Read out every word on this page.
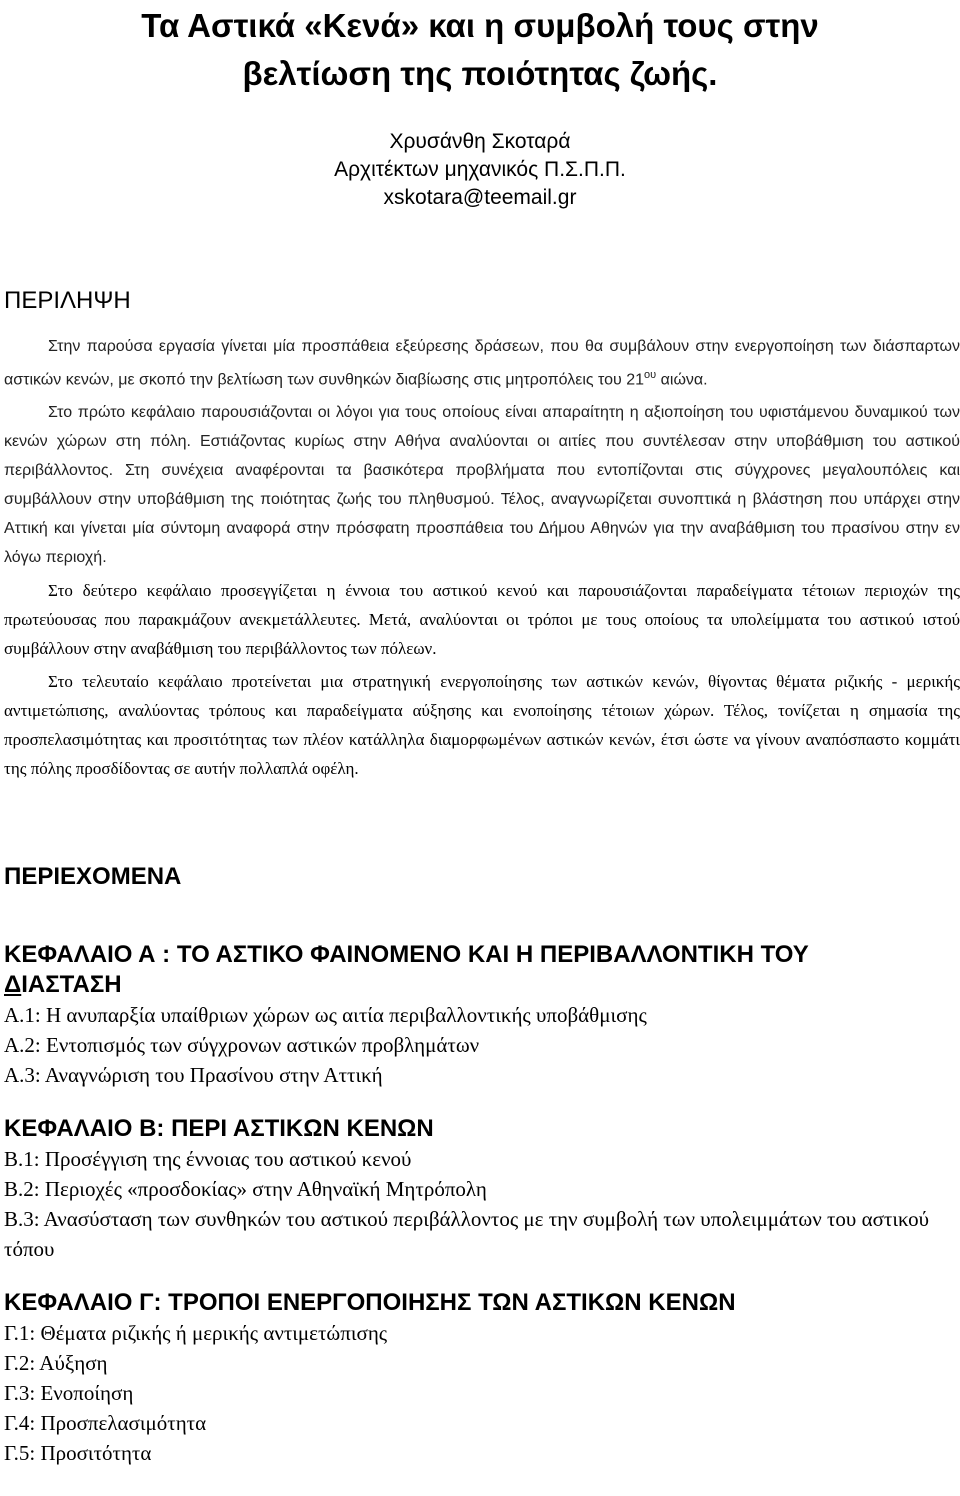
Τα Αστικά «Κενά» και η συμβολή τους στην
βελτίωση της ποιότητας ζωής.
Χρυσάνθη Σκοταρά
Αρχιτέκτων μηχανικός Π.Σ.Π.Π.
xskotara@teemail.gr
ΠΕΡΙΛΗΨΗ

Στην παρούσα εργασία γίνεται μία προσπάθεια εξεύρεσης δράσεων, που θα συμβάλουν στην ενεργοποίηση των διάσπαρτων αστικών κενών, με σκοπό την βελτίωση των συνθηκών διαβίωσης στις μητροπόλεις του $21^{o\upsilon}$ αιώνα.

Στο πρώτο κεφάλαιο παρουσιάζονται οι λόγοι για τους οποίους είναι απαραίτητη η αξιοποίηση του υφιστάμενου δυναμικού των κενών χώρων στη πόλη. Εστιάζοντας κυρίως στην Αθήνα αναλύονται οι αιτίες που συντέλεσαν στην υποβάθμιση του αστικού περιβάλλοντος. Στη συνέχεια αναφέρονται τα βασικότερα προβλήματα που εντοπίζονται στις σύγχρονες μεγαλουπόλεις και συμβάλλουν στην υποβάθμιση της ποιότητας ζωής του πληθυσμού. Τέλος, αναγνωρίζεται συνοπτικά η βλάστηση που υπάρχει στην Αττική και γίνεται μία σύντομη αναφορά στην πρόσφατη προσπάθεια του Δήμου Αθηνών για την αναβάθμιση του πρασίνου στην εν λόγω περιοχή.

Στο δεύτερο κεφάλαιο προσεγγίζεται η έννοια του αστικού κενού και παρουσιάζονται παραδείγματα τέτοιων περιοχών της πρωτεύουσας που παρακμάζουν ανεκμετάλλευτες. Μετά, αναλύονται οι τρόποι με τους οποίους τα υπολείμματα του αστικού ιστού συμβάλλουν στην αναβάθμιση του περιβάλλοντος των πόλεων.

Στο τελευταίο κεφάλαιο προτείνεται μια στρατηγική ενεργοποίησης των αστικών κενών, θίγοντας θέματα ριζικής - μερικής αντιμετώπισης, αναλύοντας τρόπους και παραδείγματα αύξησης και ενοποίησης τέτοιων χώρων. Τέλος, τονίζεται η σημασία της προσπελασιμότητας και προσιτότητας των πλέον κατάλληλα διαμορφωμένων αστικών κενών, έτσι ώστε να γίνουν αναπόσπαστο κομμάτι της πόλης προσδίδοντας σε αυτήν πολλαπλά οφέλη.

ΠΕΡΙΕΧΟΜΕΝΑ
ΚΕΦΑΛΑΙΟ Α : ΤΟ ΑΣΤΙΚΟ ΦΑΙΝΟΜΕΝΟ ΚΑΙ Η ΠΕΡΙΒΑΛΛΟΝΤΙΚΗ ΤΟΥ
ΔΙΑΣΤΑΣΗ
Α.1: Η ανυπαρξία υπαίθριων χώρων ως αιτία περιβαλλοντικής υποβάθμισης
Α.2: Εντοπισμός των σύγχρονων αστικών προβλημάτων
Α.3: Αναγνώριση του Πρασίνου στην Αττική
ΚΕΦΑΛΑΙΟ Β: ΠΕΡΙ ΑΣΤΙΚΩΝ ΚΕΝΩΝ
Β.1: Προσέγγιση της έννοιας του αστικού κενού
Β.2: Περιοχές «προσδοκίας» στην Αθηναϊκή Μητρόπολη
Β.3: Ανασύσταση των συνθηκών του αστικού περιβάλλοντος με την συμβολή των υπολειμμάτων του αστικού τόπου
ΚΕΦΑΛΑΙΟ Γ: ΤΡΟΠΟΙ ΕΝΕΡΓΟΠΟΙΗΣΗΣ ΤΩΝ ΑΣΤΙΚΩΝ ΚΕΝΩΝ
Γ.1: Θέματα ριζικής ή μερικής αντιμετώπισης
Γ.2: Αύξηση
Γ.3: Ενοποίηση
Γ.4: Προσπελασιμότητα
Γ.5: Προσιτότητα
